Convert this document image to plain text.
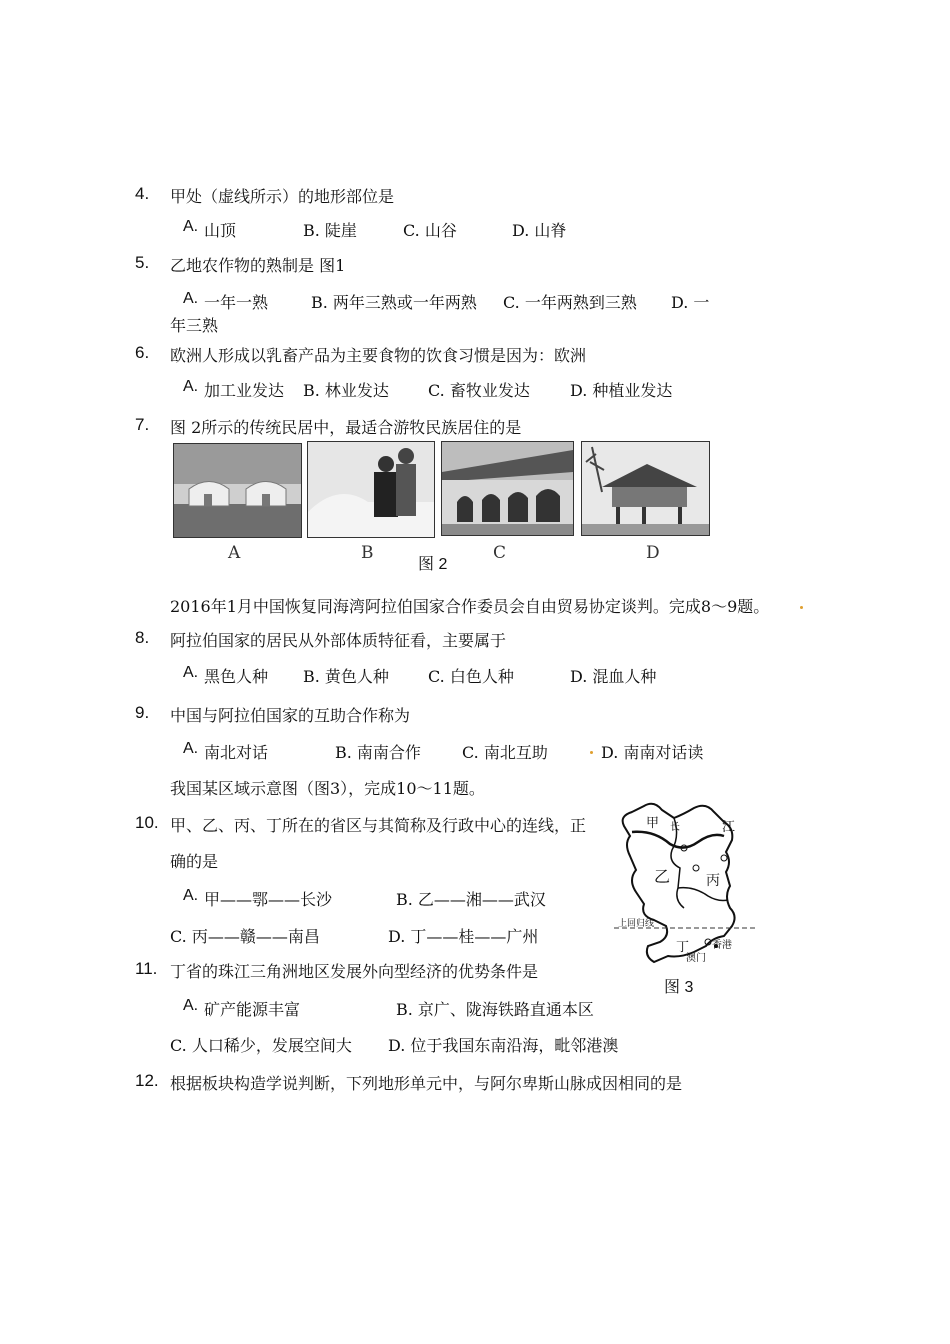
4. 甲处（虚线所示）的地形部位是
A. 山顶	B. 陡崖	C. 山谷	D. 山脊
5. 乙地农作物的熟制是 图1
A. 一年一熟	B. 两年三熟或一年两熟 C. 一年两熟到三熟 D. 一
年三熟
6. 欧洲人形成以乳畜产品为主要食物的饮食习惯是因为：欧洲
A. 加工业发达 B. 林业发达 C. 畜牧业发达	D. 种植业发达
7. 图 2所示的传统民居中，最适合游牧民族居住的是
A	B	C	D
图 2
2016年1月中国恢复同海湾阿拉伯国家合作委员会自由贸易协定谈判。完成8～9题。
8. 阿拉伯国家的居民从外部体质特征看，主要属于
A. 黑色人种 B. 黄色人种 C. 白色人种	D. 混血人种
9. 中国与阿拉伯国家的互助合作称为
A. 南北对话	B. 南南合作	C. 南北互助	D. 南南对话读
我国某区域示意图（图3），完成10～11题。
10. 甲、乙、丙、丁所在的省区与其简称及行政中心的连线，正
确的是
A. 甲——鄂——长沙	B. 乙——湘——武汉
C. 丙——赣——南昌	D. 丁——桂——广州
甲 长	江
乙	丙
上回归线
丁 香港
澳门
图 3
11. 丁省的珠江三角洲地区发展外向型经济的优势条件是
A. 矿产能源丰富	B. 京广、陇海铁路直通本区
C. 人口稀少，发展空间大 D. 位于我国东南沿海，毗邻港澳
12. 根据板块构造学说判断，下列地形单元中，与阿尔卑斯山脉成因相同的是
